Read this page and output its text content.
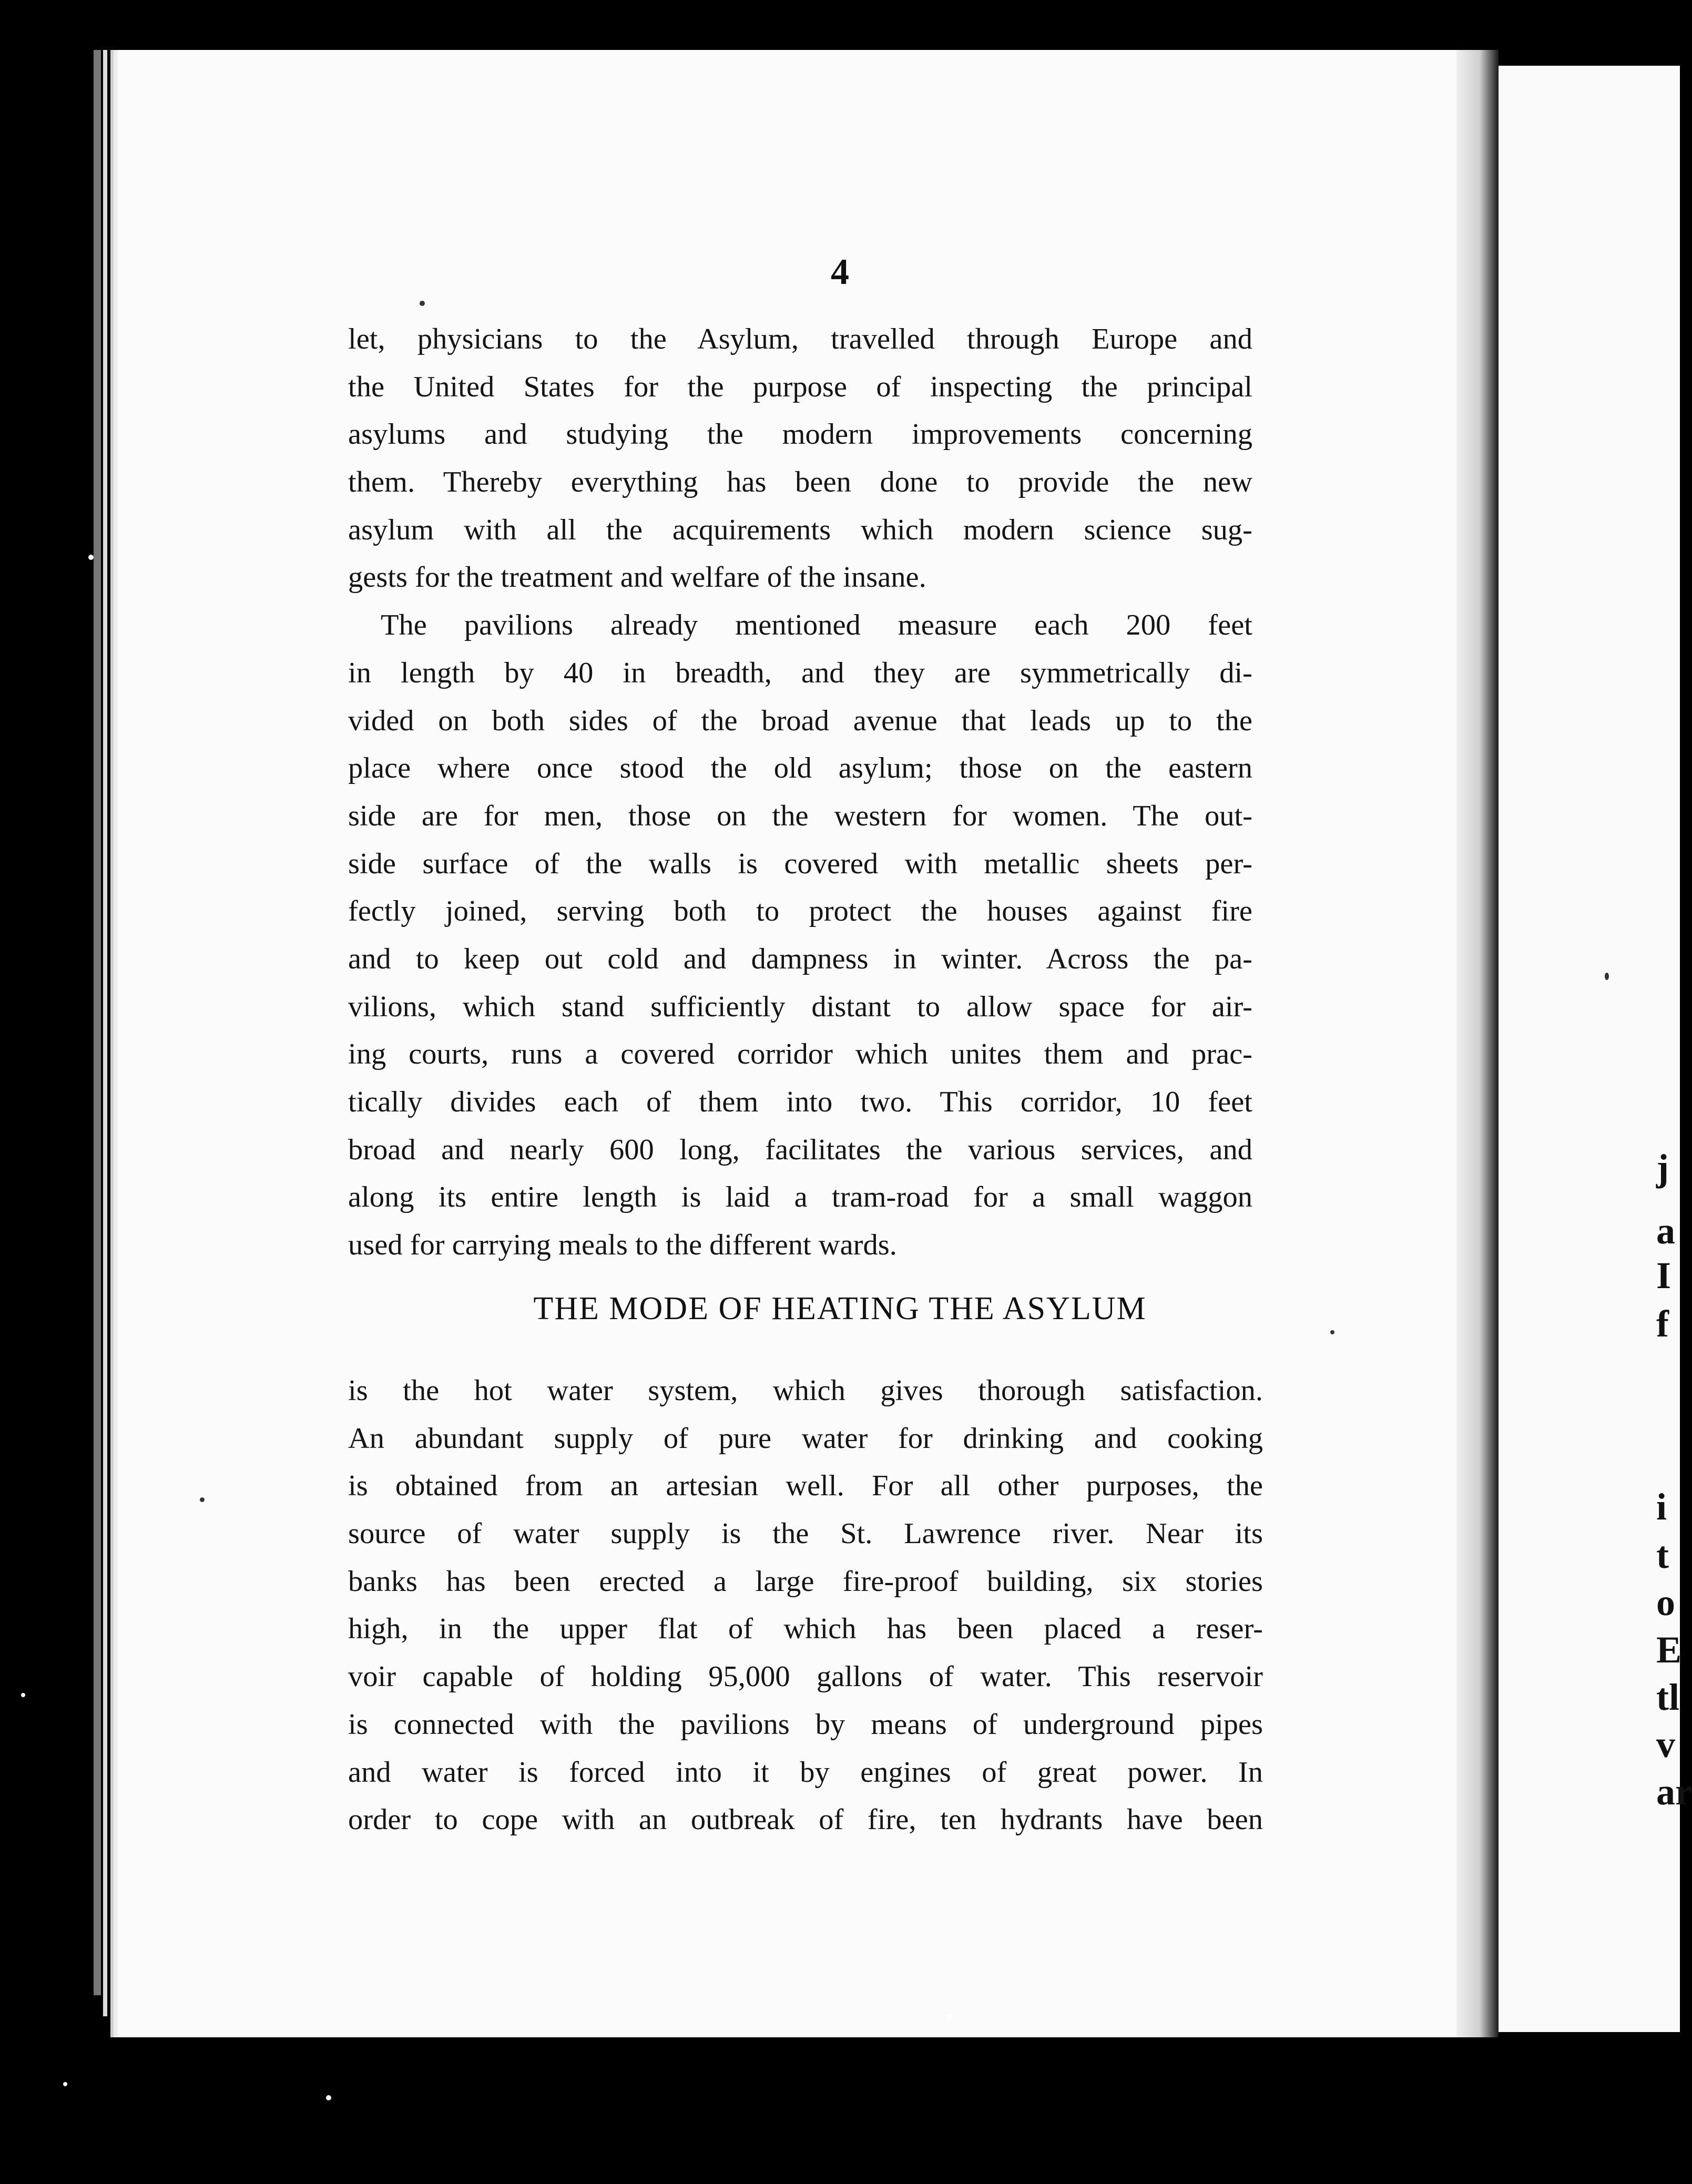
j
a
I
f
i
t
o
E
tl
v
ar
4
let, physicians to the Asylum, travelled through Europe and
the United States for the purpose of inspecting the principal
asylums and studying the modern improvements concerning
them. Thereby everything has been done to provide the new
asylum with all the acquirements which modern science sug-
gests for the treatment and welfare of the insane.
The pavilions already mentioned measure each 200 feet
in length by 40 in breadth, and they are symmetrically di-
vided on both sides of the broad avenue that leads up to the
place where once stood the old asylum; those on the eastern
side are for men, those on the western for women. The out-
side surface of the walls is covered with metallic sheets per-
fectly joined, serving both to protect the houses against fire
and to keep out cold and dampness in winter. Across the pa-
vilions, which stand sufficiently distant to allow space for air-
ing courts, runs a covered corridor which unites them and prac-
tically divides each of them into two. This corridor, 10 feet
broad and nearly 600 long, facilitates the various services, and
along its entire length is laid a tram-road for a small waggon
used for carrying meals to the different wards.
THE MODE OF HEATING THE ASYLUM
is the hot water system, which gives thorough satisfaction.
An abundant supply of pure water for drinking and cooking
is obtained from an artesian well. For all other purposes, the
source of water supply is the St. Lawrence river. Near its
banks has been erected a large fire-proof building, six stories
high, in the upper flat of which has been placed a reser-
voir capable of holding 95,000 gallons of water. This reservoir
is connected with the pavilions by means of underground pipes
and water is forced into it by engines of great power. In
order to cope with an outbreak of fire, ten hydrants have been
